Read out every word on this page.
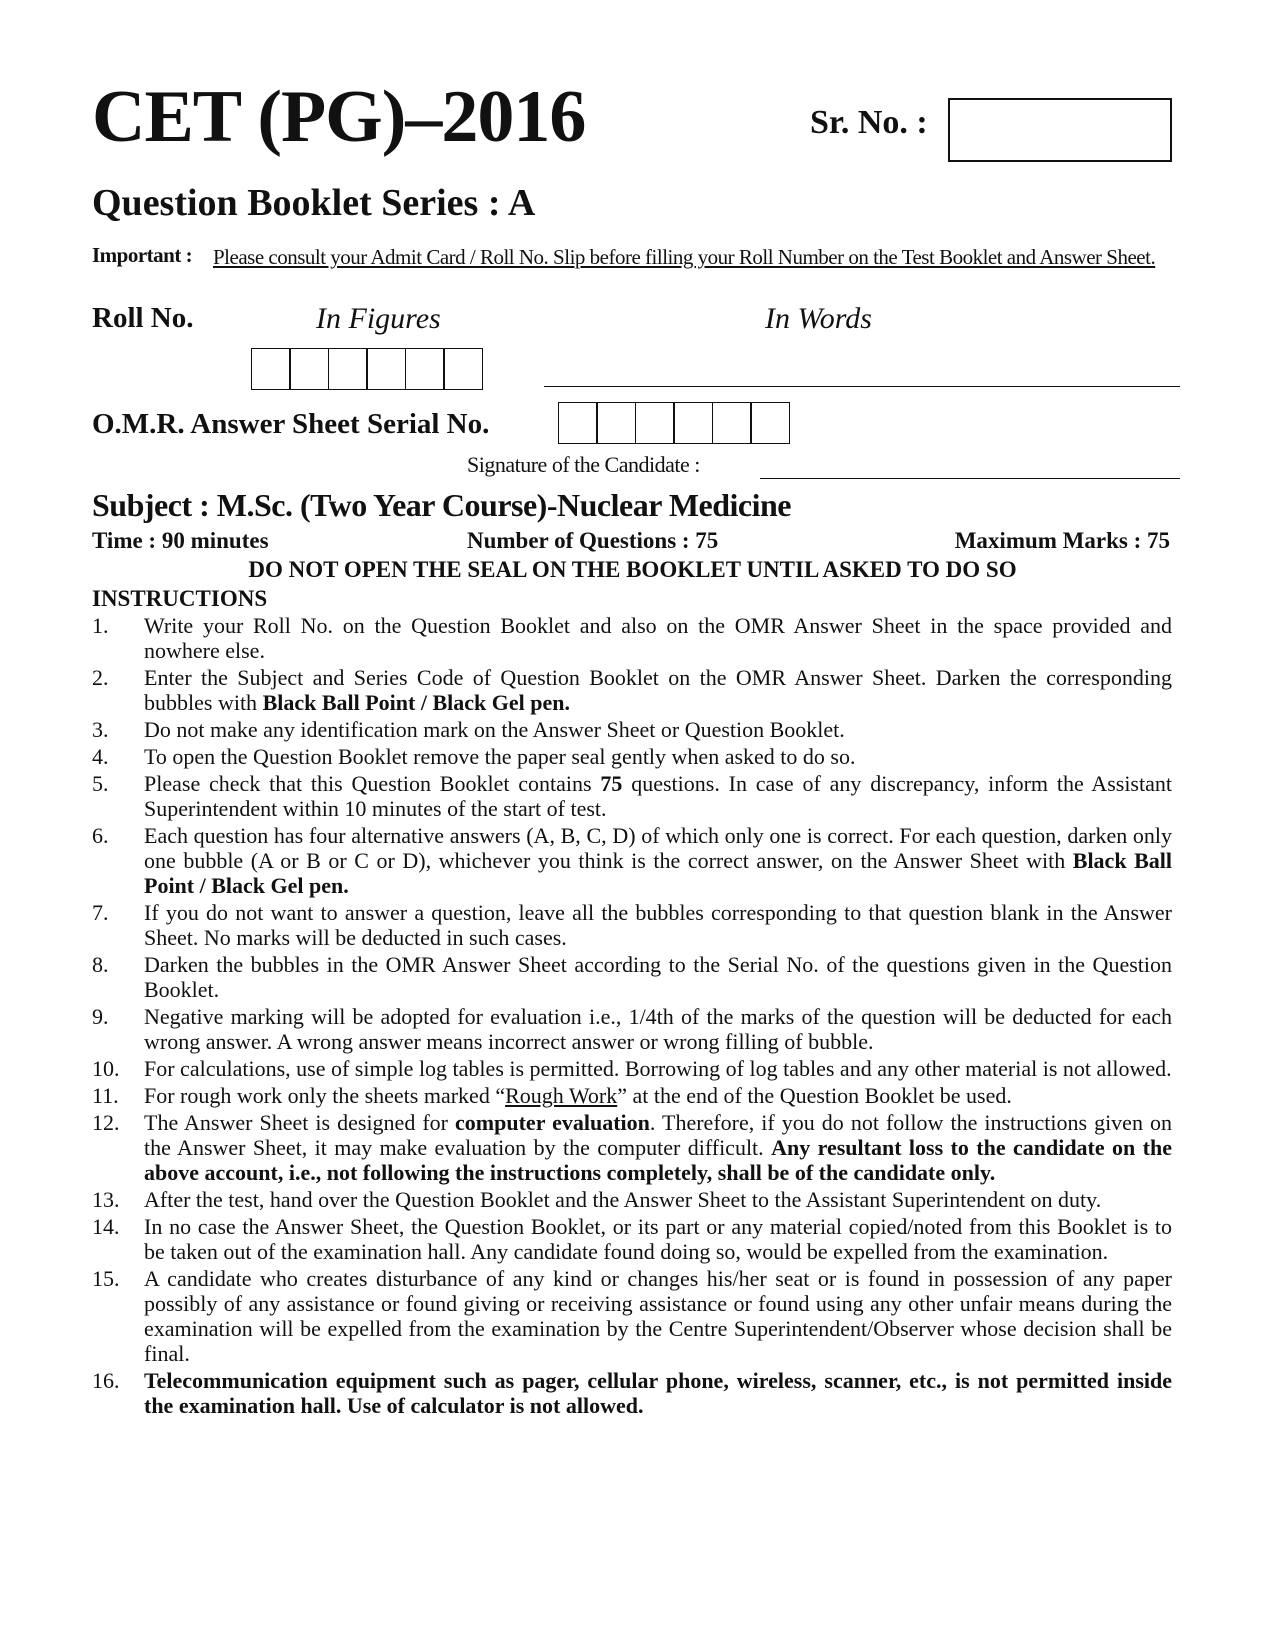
CET (PG)–2016	Sr. No. :
Question Booklet Series : A
Important : Please consult your Admit Card / Roll No. Slip before filling your Roll Number on the Test Booklet and Answer Sheet.
Roll No.	In Figures	In Words
O.M.R. Answer Sheet Serial No.
Signature of the Candidate :
Subject : M.Sc. (Two Year Course)-Nuclear Medicine
Time : 90 minutes	Number of Questions : 75	Maximum Marks : 75
DO NOT OPEN THE SEAL ON THE BOOKLET UNTIL ASKED TO DO SO
INSTRUCTIONS
1.	Write your Roll No. on the Question Booklet and also on the OMR Answer Sheet in the space provided and nowhere else.
2.	Enter the Subject and Series Code of Question Booklet on the OMR Answer Sheet. Darken the corresponding bubbles with Black Ball Point / Black Gel pen.
3.	Do not make any identification mark on the Answer Sheet or Question Booklet.
4.	To open the Question Booklet remove the paper seal gently when asked to do so.
5.	Please check that this Question Booklet contains 75 questions. In case of any discrepancy, inform the Assistant Superintendent within 10 minutes of the start of test.
6.	Each question has four alternative answers (A, B, C, D) of which only one is correct. For each question, darken only one bubble (A or B or C or D), whichever you think is the correct answer, on the Answer Sheet with Black Ball Point / Black Gel pen.
7.	If you do not want to answer a question, leave all the bubbles corresponding to that question blank in the Answer Sheet. No marks will be deducted in such cases.
8.	Darken the bubbles in the OMR Answer Sheet according to the Serial No. of the questions given in the Question Booklet.
9.	Negative marking will be adopted for evaluation i.e., 1/4th of the marks of the question will be deducted for each wrong answer. A wrong answer means incorrect answer or wrong filling of bubble.
10.	For calculations, use of simple log tables is permitted. Borrowing of log tables and any other material is not allowed.
11.	For rough work only the sheets marked “Rough Work” at the end of the Question Booklet be used.
12.	The Answer Sheet is designed for computer evaluation. Therefore, if you do not follow the instructions given on the Answer Sheet, it may make evaluation by the computer difficult. Any resultant loss to the candidate on the above account, i.e., not following the instructions completely, shall be of the candidate only.
13.	After the test, hand over the Question Booklet and the Answer Sheet to the Assistant Superintendent on duty.
14.	In no case the Answer Sheet, the Question Booklet, or its part or any material copied/noted from this Booklet is to be taken out of the examination hall. Any candidate found doing so, would be expelled from the examination.
15.	A candidate who creates disturbance of any kind or changes his/her seat or is found in possession of any paper possibly of any assistance or found giving or receiving assistance or found using any other unfair means during the examination will be expelled from the examination by the Centre Superintendent/Observer whose decision shall be final.
16.	Telecommunication equipment such as pager, cellular phone, wireless, scanner, etc., is not permitted inside the examination hall. Use of calculator is not allowed.
